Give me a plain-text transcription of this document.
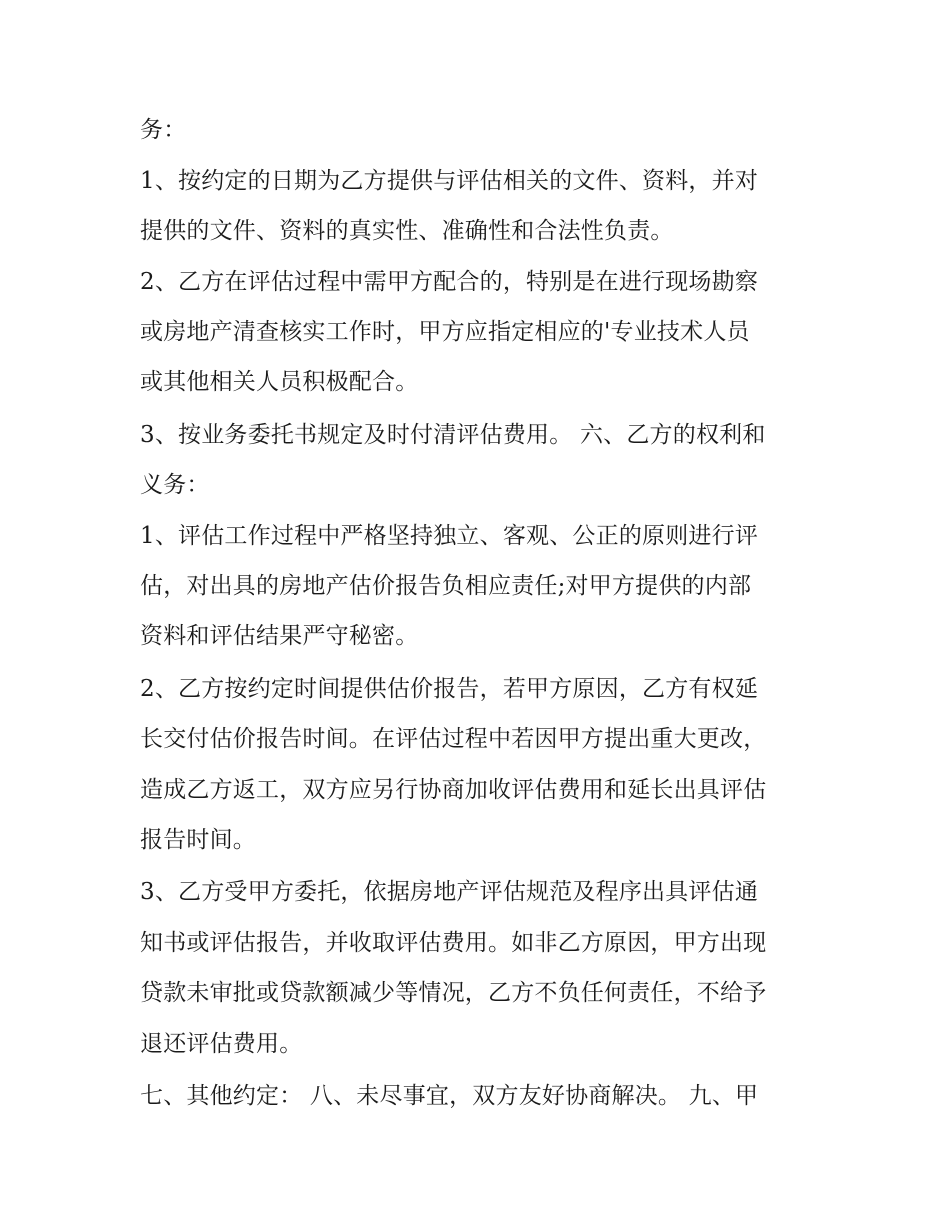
务：

1、按约定的日期为乙方提供与评估相关的文件、资料，并对

提供的文件、资料的真实性、准确性和合法性负责。

2、乙方在评估过程中需甲方配合的，特别是在进行现场勘察

或房地产清查核实工作时，甲方应指定相应的'专业技术人员

或其他相关人员积极配合。

3、按业务委托书规定及时付清评估费用。 六、乙方的权利和

义务：

1、评估工作过程中严格坚持独立、客观、公正的原则进行评

估，对出具的房地产估价报告负相应责任;对甲方提供的内部

资料和评估结果严守秘密。

2、乙方按约定时间提供估价报告，若甲方原因，乙方有权延

长交付估价报告时间。在评估过程中若因甲方提出重大更改，

造成乙方返工，双方应另行协商加收评估费用和延长出具评估

报告时间。

3、乙方受甲方委托，依据房地产评估规范及程序出具评估通

知书或评估报告，并收取评估费用。如非乙方原因，甲方出现

贷款未审批或贷款额减少等情况，乙方不负任何责任，不给予

退还评估费用。

七、其他约定： 八、未尽事宜，双方友好协商解决。 九、甲
